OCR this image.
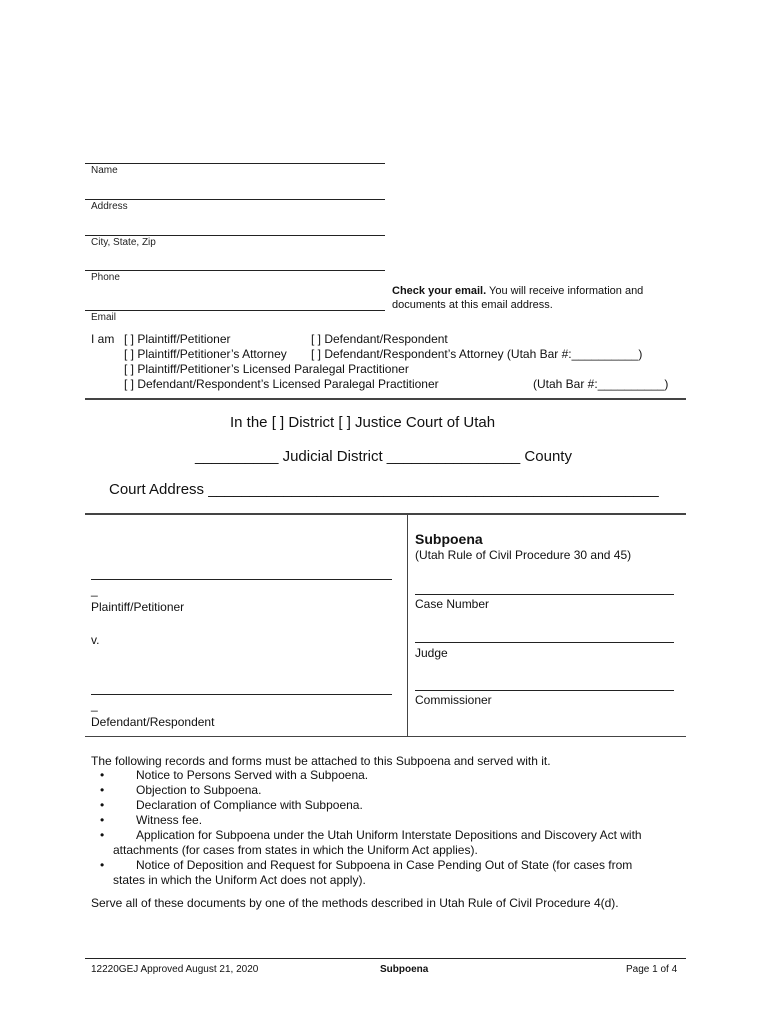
Name
Address
City, State, Zip
Phone
Email
Check your email. You will receive information and
documents at this email address.
I am [ ] Plaintiff/Petitioner	[ ] Defendant/Respondent
[ ] Plaintiff/Petitioner’s Attorney [ ] Defendant/Respondent’s Attorney (Utah Bar #:__________)
[ ] Plaintiff/Petitioner’s Licensed Paralegal Practitioner
[ ] Defendant/Respondent’s Licensed Paralegal Practitioner	(Utah Bar #:__________)
In the [ ] District [ ] Justice Court of Utah
__________ Judicial District ________________ County
Court Address ______________________________________________________
_
Plaintiff/Petitioner
v.
_
Defendant/Respondent
Subpoena
(Utah Rule of Civil Procedure 30 and 45)
Case Number
Judge
Commissioner
The following records and forms must be attached to this Subpoena and served with it.
•	Notice to Persons Served with a Subpoena.
•	Objection to Subpoena.
•	Declaration of Compliance with Subpoena.
•	Witness fee.
•	Application for Subpoena under the Utah Uniform Interstate Depositions and Discovery Act with
attachments (for cases from states in which the Uniform Act applies).
•	Notice of Deposition and Request for Subpoena in Case Pending Out of State (for cases from
states in which the Uniform Act does not apply).
Serve all of these documents by one of the methods described in Utah Rule of Civil Procedure 4(d).
12220GEJ Approved August 21, 2020	Subpoena	Page 1 of 4
